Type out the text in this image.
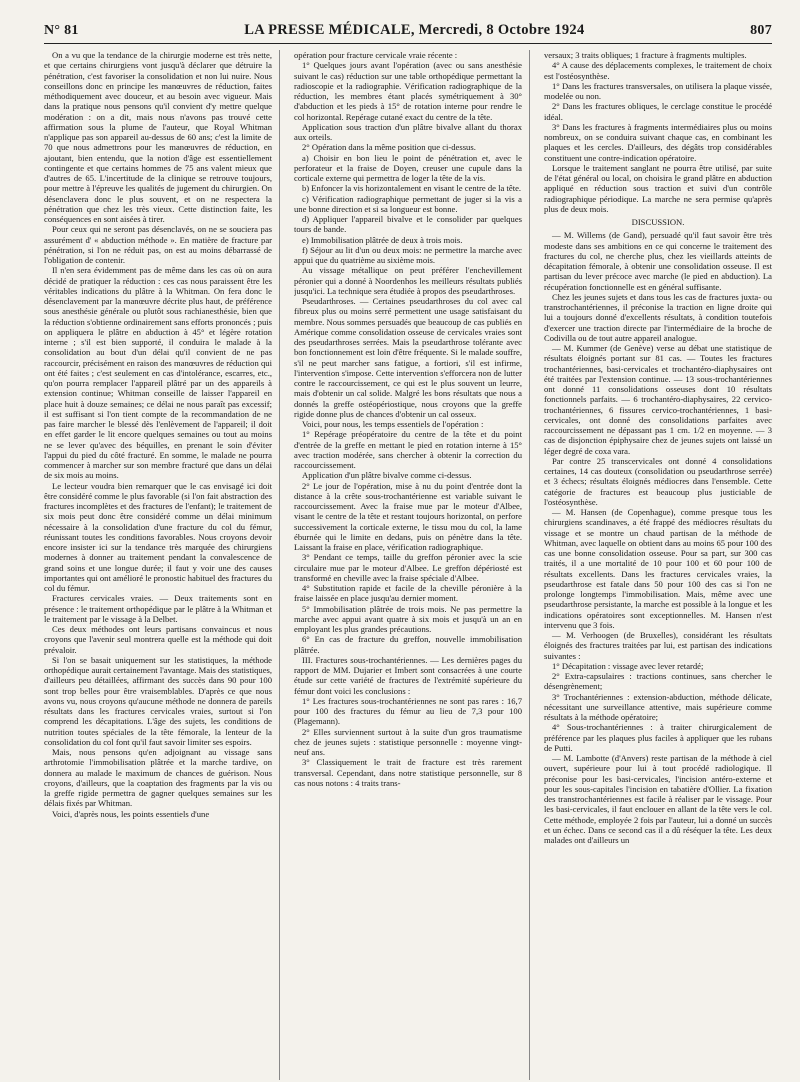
N° 81	LA PRESSE MÉDICALE, Mercredi, 8 Octobre 1924	807

On a vu que la tendance de la chirurgie moderne est très nette, et que certains chirurgiens vont jusqu'à déclarer que détruire la pénétration, c'est favoriser la consolidation et non lui nuire. Nous conseillons donc en principe les manœuvres de réduction, faites méthodiquement avec douceur, et au besoin avec vigueur. Mais dans la pratique nous pensons qu'il convient d'y mettre quelque modération : on a dit, mais nous n'avons pas trouvé cette affirmation sous la plume de l'auteur, que Royal Whitman n'applique pas son appareil au-dessus de 60 ans; c'est la limite de 70 que nous admettrons pour les manœuvres de réduction, en ajoutant, bien entendu, que la notion d'âge est essentiellement contingente et que certains hommes de 75 ans valent mieux que d'autres de 65. L'incertitude de la clinique se retrouve toujours, pour mettre à l'épreuve les qualités de jugement du chirurgien. On désenclavera donc le plus souvent, et on ne respectera la pénétration que chez les très vieux. Cette distinction faite, les conséquences en sont aisées à tirer.

Pour ceux qui ne seront pas désenclavés, on ne se souciera pas assurément d' « abduction méthode ». En matière de fracture par pénétration, si l'on ne réduit pas, on est au moins débarrassé de l'obligation de contenir.

Il n'en sera évidemment pas de même dans les cas où on aura décidé de pratiquer la réduction : ces cas nous paraissent être les véritables indications du plâtre à la Whitman. On fera donc le désenclavement par la manœuvre décrite plus haut, de préférence sous anesthésie générale ou plutôt sous rachianesthésie, bien que la réduction s'obtienne ordinairement sans efforts prononcés ; puis on appliquera le plâtre en abduction à 45° et légère rotation interne ; s'il est bien supporté, il conduira le malade à la consolidation au bout d'un délai qu'il convient de ne pas raccourcir, précisément en raison des manœuvres de réduction qui ont été faites ; c'est seulement en cas d'intolérance, escarres, etc., qu'on pourra remplacer l'appareil plâtré par un des appareils à extension continue; Whitman conseille de laisser l'appareil en place huit à douze semaines; ce délai ne nous paraît pas excessif; il est suffisant si l'on tient compte de la recommandation de ne pas faire marcher le blessé dès l'enlèvement de l'appareil; il doit en effet garder le lit encore quelques semaines ou tout au moins ne se lever qu'avec des béquilles, en prenant le soin d'éviter l'appui du pied du côté fracturé. En somme, le malade ne pourra commencer à marcher sur son membre fracturé que dans un délai de six mois au moins.

Le lecteur voudra bien remarquer que le cas envisagé ici doit être considéré comme le plus favorable (si l'on fait abstraction des fractures incomplètes et des fractures de l'enfant); le traitement de six mois peut donc être considéré comme un délai minimum nécessaire à la consolidation d'une fracture du col du fémur, réunissant toutes les conditions favorables. Nous croyons devoir encore insister ici sur la tendance très marquée des chirurgiens modernes à donner au traitement pendant la convalescence de grand soins et une longue durée; il faut y voir une des causes importantes qui ont amélioré le pronostic habituel des fractures du col du fémur.

Fractures cervicales vraies. — Deux traitements sont en présence : le traitement orthopédique par le plâtre à la Whitman et le traitement par le vissage à la Delbet.

Ces deux méthodes ont leurs partisans convaincus et nous croyons que l'avenir seul montrera quelle est la méthode qui doit prévaloir.

Si l'on se basait uniquement sur les statistiques, la méthode orthopédique aurait certainement l'avantage. Mais des statistiques, d'ailleurs peu détaillées, affirmant des succès dans 90 pour 100 sont trop belles pour être vraisemblables. D'après ce que nous avons vu, nous croyons qu'aucune méthode ne donnera de pareils résultats dans les fractures cervicales vraies, surtout si l'on comprend les décapitations. L'âge des sujets, les conditions de nutrition toutes spéciales de la tête fémorale, la lenteur de la consolidation du col font qu'il faut savoir limiter ses espoirs.

Mais, nous pensons qu'en adjoignant au vissage sans arthrotomie l'immobilisation plâtrée et la marche tardive, on donnera au malade le maximum de chances de guérison. Nous croyons, d'ailleurs, que la coaptation des fragments par la vis ou la greffe rigide permettra de gagner quelques semaines sur les délais fixés par Whitman.

Voici, d'après nous, les points essentiels d'une

opération pour fracture cervicale vraie récente :

1° Quelques jours avant l'opération (avec ou sans anesthésie suivant le cas) réduction sur une table orthopédique permettant la radioscopie et la radiographie. Vérification radiographique de la réduction, les membres étant placés symétriquement à 30° d'abduction et les pieds à 15° de rotation interne pour rendre le col horizontal. Repérage cutané exact du centre de la tête.

Application sous traction d'un plâtre bivalve allant du thorax aux orteils.

2° Opération dans la même position que ci-dessus.

a) Choisir en bon lieu le point de pénétration et, avec le perforateur et la fraise de Doyen, creuser une cupule dans la corticale externe qui permettra de loger la tête de la vis.

b) Enfoncer la vis horizontalement en visant le centre de la tête.

c) Vérification radiographique permettant de juger si la vis a une bonne direction et si sa longueur est bonne.

d) Appliquer l'appareil bivalve et le consolider par quelques tours de bande.

e) Immobilisation plâtrée de deux à trois mois.

f) Séjour au lit d'un ou deux mois: ne permettre la marche avec appui que du quatrième au sixième mois.

Au vissage métallique on peut préférer l'enchevillement péronier qui a donné à Noordenhos les meilleurs résultats publiés jusqu'ici. La technique sera étudiée à propos des pseudarthroses.

Pseudarthroses. — Certaines pseudarthroses du col avec cal fibreux plus ou moins serré permettent une usage satisfaisant du membre. Nous sommes persuadés que beaucoup de cas publiés en Amérique comme consolidation osseuse de cervicales vraies sont des pseudarthroses serrées. Mais la pseudarthrose tolérante avec bon fonctionnement est loin d'être fréquente. Si le malade souffre, s'il ne peut marcher sans fatigue, a fortiori, s'il est infirme, l'intervention s'impose. Cette intervention s'efforcera non de lutter contre le raccourcissement, ce qui est le plus souvent un leurre, mais d'obtenir un cal solide. Malgré les bons résultats que nous a donnés la greffe ostéopériostique, nous croyons que la greffe rigide donne plus de chances d'obtenir un cal osseux.

Voici, pour nous, les temps essentiels de l'opération :

1° Repérage préopératoire du centre de la tête et du point d'entrée de la greffe en mettant le pied en rotation interne à 15° avec traction modérée, sans chercher à obtenir la correction du raccourcissement.

Application d'un plâtre bivalve comme ci-dessus.

2° Le jour de l'opération, mise à nu du point d'entrée dont la distance à la crête sous-trochantérienne est variable suivant le raccourcissement. Avec la fraise mue par le moteur d'Albee, visant le centre de la tête et restant toujours horizontal, on perfore successivement la corticale externe, le tissu mou du col, la lame éburnée qui le limite en dedans, puis on pénètre dans la tête. Laissant la fraise en place, vérification radiographique.

3° Pendant ce temps, taille du greffon péronier avec la scie circulaire mue par le moteur d'Albee. Le greffon dépériosté est transformé en cheville avec la fraise spéciale d'Albee.

4° Substitution rapide et facile de la cheville péronière à la fraise laissée en place jusqu'au dernier moment.

5° Immobilisation plâtrée de trois mois. Ne pas permettre la marche avec appui avant quatre à six mois et jusqu'à un an en employant les plus grandes précautions.

6° En cas de fracture du greffon, nouvelle immobilisation plâtrée.

III. Fractures sous-trochantériennes. — Les dernières pages du rapport de MM. Dujarier et Imbert sont consacrées à une courte étude sur cette variété de fractures de l'extrémité supérieure du fémur dont voici les conclusions :

1° Les fractures sous-trochantériennes ne sont pas rares : 16,7 pour 100 des fractures du fémur au lieu de 7,3 pour 100 (Plagemann).

2° Elles surviennent surtout à la suite d'un gros traumatisme chez de jeunes sujets : statistique personnelle : moyenne vingt-neuf ans.

3° Classiquement le trait de fracture est très rarement transversal. Cependant, dans notre statistique personnelle, sur 8 cas nous notons : 4 traits trans-

versaux; 3 traits obliques; 1 fracture à fragments multiples.

4° A cause des déplacements complexes, le traitement de choix est l'ostéosynthèse.

1° Dans les fractures transversales, on utilisera la plaque vissée, modelée ou non.

2° Dans les fractures obliques, le cerclage constitue le procédé idéal.

3° Dans les fractures à fragments intermédiaires plus ou moins nombreux, on se conduira suivant chaque cas, en combinant les plaques et les cercles. D'ailleurs, des dégâts trop considérables constituent une contre-indication opératoire.

Lorsque le traitement sanglant ne pourra être utilisé, par suite de l'état général ou local, on choisira le grand plâtre en abduction appliqué en réduction sous traction et suivi d'un contrôle radiographique périodique. La marche ne sera permise qu'après plus de deux mois.

DISCUSSION.

— M. Willems (de Gand), persuadé qu'il faut savoir être très modeste dans ses ambitions en ce qui concerne le traitement des fractures du col, ne cherche plus, chez les vieillards atteints de décapitation fémorale, à obtenir une consolidation osseuse. Il est partisan du lever précoce avec marche (le pied en abduction). La récupération fonctionnelle est en général suffisante.

Chez les jeunes sujets et dans tous les cas de fractures juxta- ou transtrochantériennes, il préconise la traction en ligne droite qui lui a toujours donné d'excellents résultats, à condition toutefois d'exercer une traction directe par l'intermédiaire de la broche de Codivilla ou de tout autre appareil analogue.

— M. Kummer (de Genève) verse au débat une statistique de résultats éloignés portant sur 81 cas. — Toutes les fractures trochantériennes, basi-cervicales et trochantéro-diaphysaires ont été traitées par l'extension continue. — 13 sous-trochantériennes ont donné 11 consolidations osseuses dont 10 résultats fonctionnels parfaits. — 6 trochantéro-diaphysaires, 22 cervico-trochantériennes, 6 fissures cervico-trochantériennes, 1 basi-cervicales, ont donné des consolidations parfaites avec raccourcissement ne dépassant pas 1 cm. 1/2 en moyenne. — 3 cas de disjonction épiphysaire chez de jeunes sujets ont laissé un léger degré de coxa vara.

Par contre 25 transcervicales ont donné 4 consolidations certaines, 14 cas douteux (consolidation ou pseudarthrose serrée) et 3 échecs; résultats éloignés médiocres dans l'ensemble. Cette catégorie de fractures est beaucoup plus justiciable de l'ostéosynthèse.

— M. Hansen (de Copenhague), comme presque tous les chirurgiens scandinaves, a été frappé des médiocres résultats du vissage et se montre un chaud partisan de la méthode de Whitman, avec laquelle on obtient dans au moins 65 pour 100 des cas une bonne consolidation osseuse. Pour sa part, sur 300 cas traités, il a une mortalité de 10 pour 100 et 60 pour 100 de résultats excellents. Dans les fractures cervicales vraies, la pseudarthrose est fatale dans 50 pour 100 des cas si l'on ne prolonge longtemps l'immobilisation. Mais, même avec une pseudarthrose persistante, la marche est possible à la longue et les indications opératoires sont exceptionnelles. M. Hansen n'est intervenu que 3 fois.

— M. Verhoogen (de Bruxelles), considérant les résultats éloignés des fractures traitées par lui, est partisan des indications suivantes :

1° Décapitation : vissage avec lever retardé;

2° Extra-capsulaires : tractions continues, sans chercher le désengrènement;

3° Trochantériennes : extension-abduction, méthode délicate, nécessitant une surveillance attentive, mais supérieure comme résultats à la méthode opératoire;

4° Sous-trochantériennes : à traiter chirurgicalement de préférence par les plaques plus faciles à appliquer que les rubans de Putti.

— M. Lambotte (d'Anvers) reste partisan de la méthode à ciel ouvert, supérieure pour lui à tout procédé radiologique. Il préconise pour les basi-cervicales, l'incision antéro-externe et pour les sous-capitales l'incision en tabatière d'Ollier. La fixation des transtrochantériennes est facile à réaliser par le vissage. Pour les basi-cervicales, il faut enclouer en allant de la tête vers le col. Cette méthode, employée 2 fois par l'auteur, lui a donné un succès et un échec. Dans ce second cas il a dû réséquer la tête. Les deux malades ont d'ailleurs un
